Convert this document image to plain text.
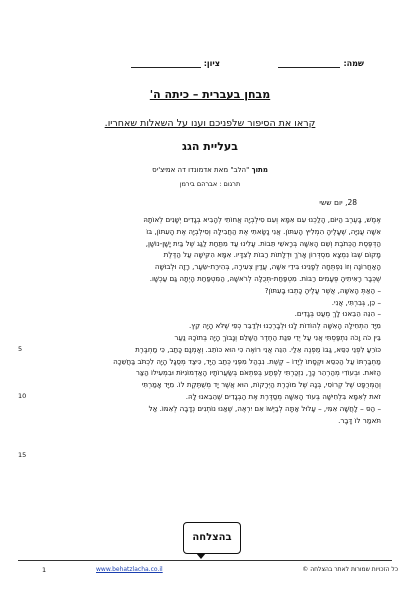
שמה:
ציון:
מבחן בעברית – כיתה ה'
קראו את הסיפור שלפניכם וענו על השאלות שאחריו.
בעליית הגג
מתוך "הלב" מאת אדמונדו דה אמיצ'יס
תרגום : אברהם בירמן
28, יום ששי
אֶמֶשׁ, בָּעֶרֶב הַיּוֹם, הָלַכְנוּ עִם אִמָּא וְעִם סִילְבְיָה אֲחוֹתִי לְהָבִיא בְּגָדִים יְשָׁנִים לְאוֹתָהּ
אִשָּׁה עֲנִיָּה, שֶׁעָלֶיהָ הִמְלִיץ הָעִתּוֹן. אֲנִי נָשָׂאתִי אֶת הַחֲבִילָה וְסִילְבְיָה אֶת הָעִתּוֹן, בּוֹ
הַדְּפֶּסֶת הַכְּתֹבֶת וְשֵׁם הָאִשָּׁה בְּרָאשֵׁי תֵּבוֹת. עָלִינוּ עַד מִתַּחַת לַגַּג שֶׁל בַּיִת יָשָׁן-נוֹשָׁן,
מָקוֹם שֶׁבּוֹ נִמְצָא מִסְדְּרוֹן אָרֹךְ וּדְלָתוֹת רַבּוֹת לְצִדָּיו. אִמָּא הִקִּישָׁה עַל הַדֶּלֶת
הָאַחֲרוֹנָה וְזוֹ נִפְתְּחָה לְפָנֵינוּ בִּידֵי אִשָּׁה, עֲדַיִן צְעִירָה, בְּהִירַת-שֵׂעָר, רָזָה וּלְבוּשָׁה
שֶׁכְּבָר רָאִיתִיהָ פְּעָמִים רַבּוֹת. מִטְפַּחַת-תְּכֻלָּה לְרֹאשָׁהּ, הַמִּטְפַּחַת הָיְתָה גַּם עַכְשָׁו.
– הַאַתְּ הָאִשָּׁה, אֲשֶׁר עָלֶיהָ כָּתְבוּ בָּעִתּוֹן?
– כֵּן, גְּבִרְתִּי, אֲנִי.
– הִנֵּה הֵבֵאנוּ לָךְ מְעַט בְּגָדִים.
מִיָּד הִתְחִילָה הָאִשָּׁה לְהוֹדוֹת לָנוּ וּלְבָרְכֵנוּ וּלְדַבֵּר כְּפִי שֶׁלֹּא הָיָה קֵץ.
בֵּין כֹּה וָכֹה נִתְפַּסְתִּי אֲנִי עַל יְדֵי פִּנַּת הַחֶדֶר הַשָּׁלֵם וְנָבוֹךְ הָיָה בְּתוֹכָהּ נַעַר
כּוֹרֵעַ לִפְנֵי כִּסֵּא, גַּבּוֹ מֻפְנֶה אֵלַי. הִנֵּה אֲנִי רוֹאֶה כִּי הוּא כּוֹתֵב. וְאָמְנָם כָּתַב, כִּי מַחְבֶּרֶת
מַחְבַּרְתּוֹ עַל הַכִּסֵּא וּקְסָתוֹ לְיָדוֹ – קֶשֶׁת. נִבְהַל מִפְּנֵי כְּתַב הַיָּד, כִּיצַד מְסֻגָּל הָיָה לִכְתֹּב בַּחֲשֵׁכָה
הַזֹּאת. וּבְעוֹדִי מְהַרְהֵר כָּךְ, נִזְכַּרְתִּי לְפֶתַע בְּפִתְאֹם בְּשַׂעֲרוֹתָיו הָאַדְמוֹנִיּוֹת וּבִמְעִילוֹ הַצַּר
וְהַמְּרֻפָּט שֶׁל קְרוֹסִי, בְּנָהּ שֶׁל מוֹכֶרֶת הַיְּרָקוֹת, הוּא אֲשֶׁר יָד מְשֻׁתֶּקֶת לוֹ. מִיָּד אָמַרְתִּי
זֹאת לְאִמָּא בִּלְחִישָׁה בְּעוֹד הָאִשָּׁה מְסַדֶּרֶת אֶת הַבְּגָדִים שֶׁהֵבֵאנוּ לָהּ.
– הַסּ – לָחֲשָׁה אִמִּי, – עָלוּל אַתָּה לְבַיְּשׁוֹ אִם יִרְאֶה, שֶׁאַנוּ נוֹתְנִים נְדָבָה לְאִמּוֹ. אַל
תֹּאמַר לוֹ דָּבָר.
5
10
15
בהצלחה
כל הזכויות שמורות לאתר בהצלחה ©
www.behatzlacha.co.il
1
